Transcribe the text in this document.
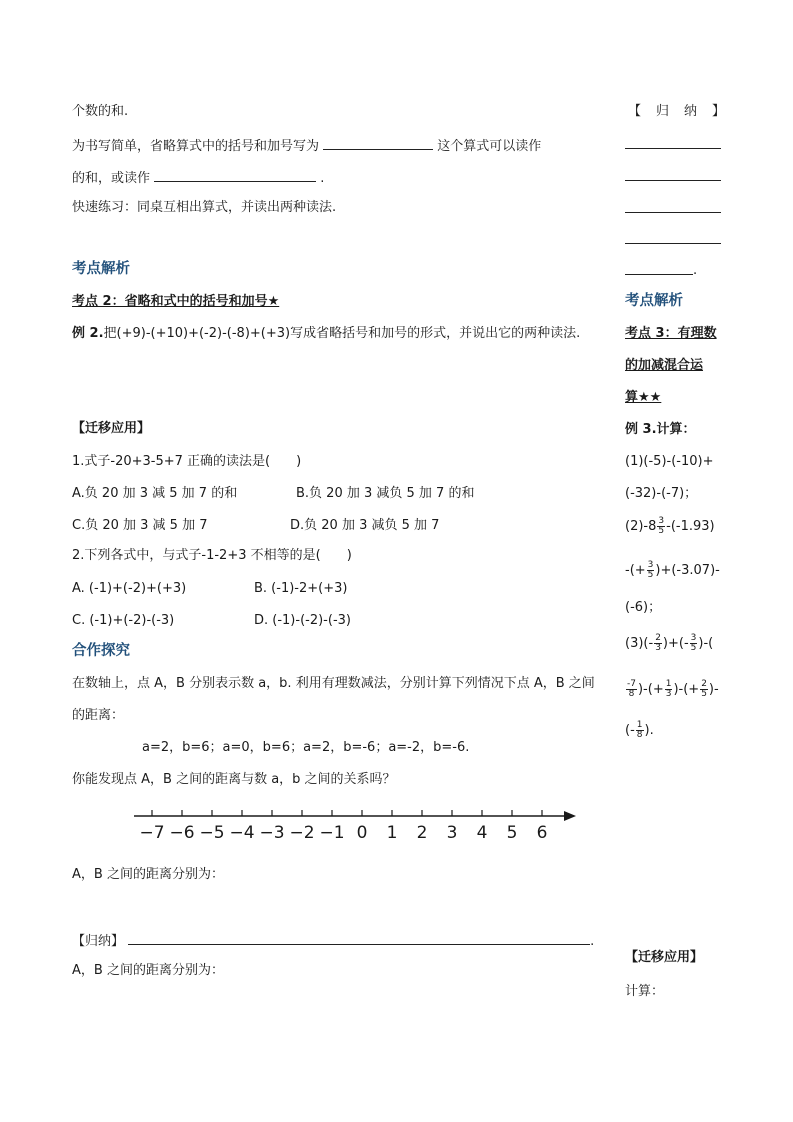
个数的和.
为书写简单，省略算式中的括号和加号写为	这个算式可以读作
的和，或读作	.
快速练习：同桌互相出算式，并读出两种读法.
考点解析
考点 2：省略和式中的括号和加号★
例 2.把(+9)-(+10)+(-2)-(-8)+(+3)写成省略括号和加号的形式，并说出它的两种读法.
【迁移应用】
1.式子-20+3-5+7 正确的读法是(　　)
A.负 20 加 3 减 5 加 7 的和	B.负 20 加 3 减负 5 加 7 的和
C.负 20 加 3 减 5 加 7	D.负 20 加 3 减负 5 加 7
2.下列各式中，与式子-1-2+3 不相等的是(　　)
A. (-1)+(-2)+(+3)	B. (-1)-2+(+3)
C. (-1)+(-2)-(-3)	D. (-1)-(-2)-(-3)
合作探究
在数轴上，点 A，B 分别表示数 a，b. 利用有理数减法，分别计算下列情况下点 A，B 之间
的距离：
a=2，b=6；a=0，b=6；a=2，b=-6；a=-2，b=-6.
你能发现点 A，B 之间的距离与数 a，b 之间的关系吗？
−7 −6 −5 −4 −3 −2 −1 0 1 2 3 4 5 6
A，B 之间的距离分别为：
【归纳】	.
A，B 之间的距离分别为：
【　归　纳　】
.
考点解析
考点 3：有理数
的加减混合运
算★★
例 3.计算：
(1)(-5)-(-10)+
(-32)-(-7)；
$(2)-8 \frac{3}{5} -(-1.93)$
-(+ $\frac{3}{5} )+(-3.07)-$
(-6)；
$(3)(- \frac{2}{3}$ )+(- $\frac{3}{5}$ )-(
$\frac{-7}{8}$ )-(+ $\frac{1}{3}$ )-(+ $\frac{2}{5}$ )-
(- $\frac{1}{8}$ ).
【迁移应用】
计算：
